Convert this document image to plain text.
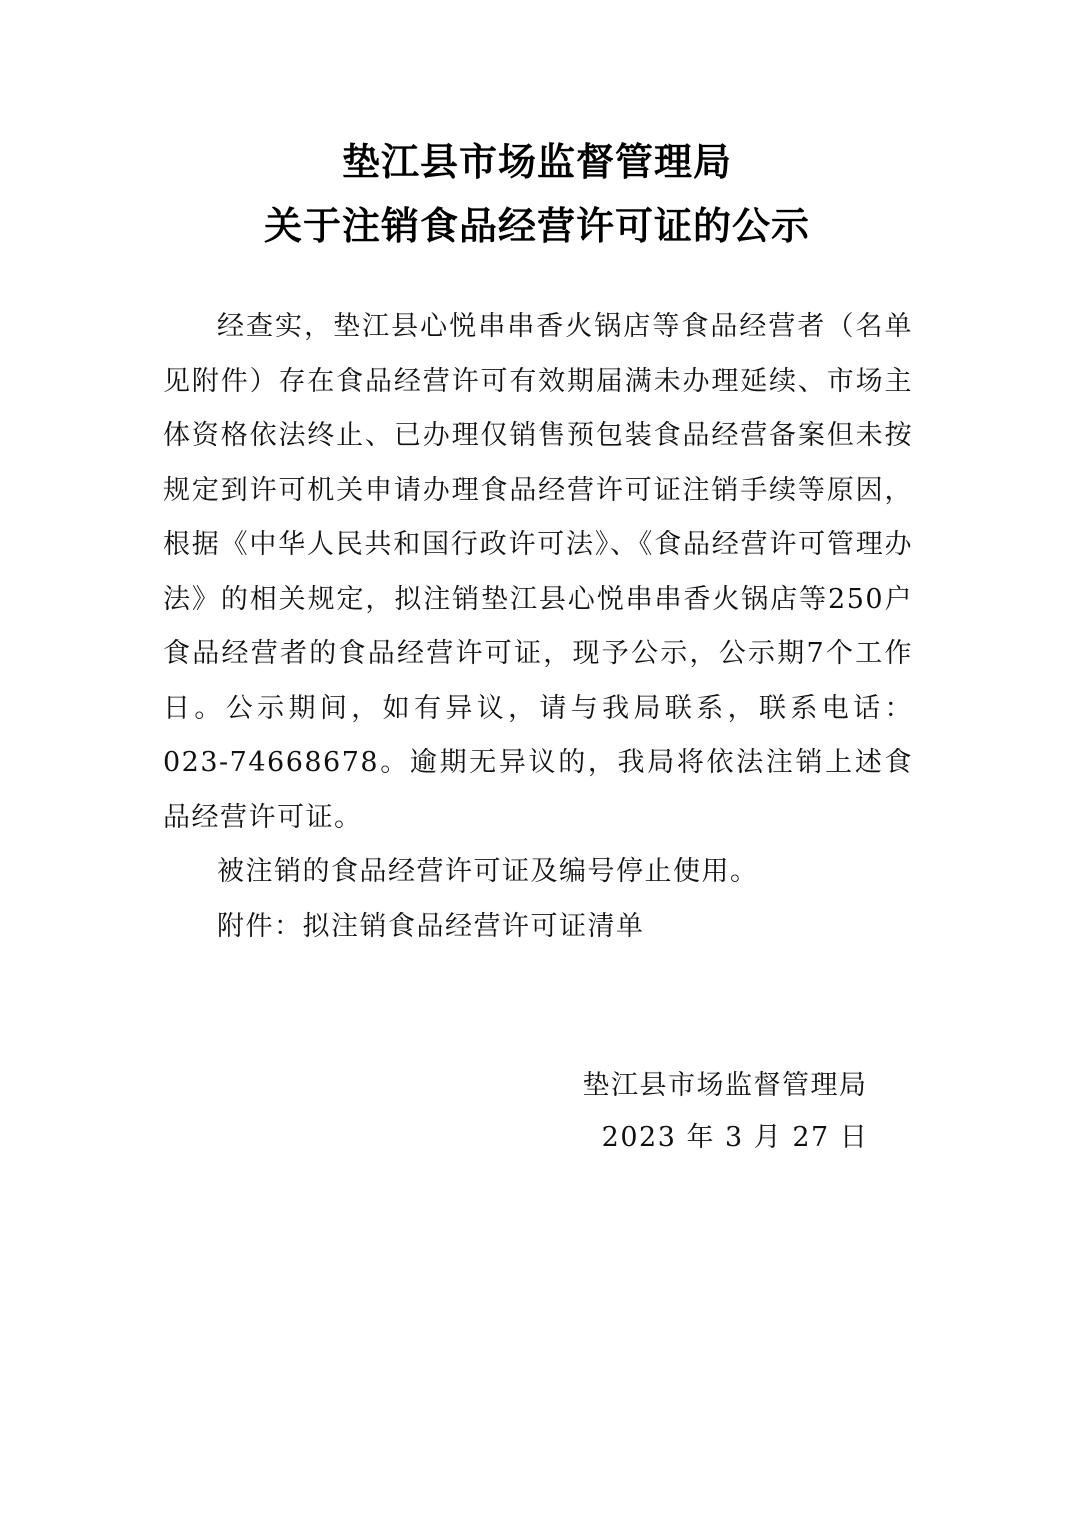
垫江县市场监督管理局
关于注销食品经营许可证的公示

经查实，垫江县心悦串串香火锅店等食品经营者（名单见附件）存在食品经营许可有效期届满未办理延续、市场主体资格依法终止、已办理仅销售预包装食品经营备案但未按规定到许可机关申请办理食品经营许可证注销手续等原因，根据《中华人民共和国行政许可法》、《食品经营许可管理办法》的相关规定，拟注销垫江县心悦串串香火锅店等250户食品经营者的食品经营许可证，现予公示，公示期7个工作日。公示期间，如有异议，请与我局联系，联系电话：023-74668678。逾期无异议的，我局将依法注销上述食品经营许可证。

被注销的食品经营许可证及编号停止使用。

附件：拟注销食品经营许可证清单

垫江县市场监督管理局
2023 年 3 月 27 日
